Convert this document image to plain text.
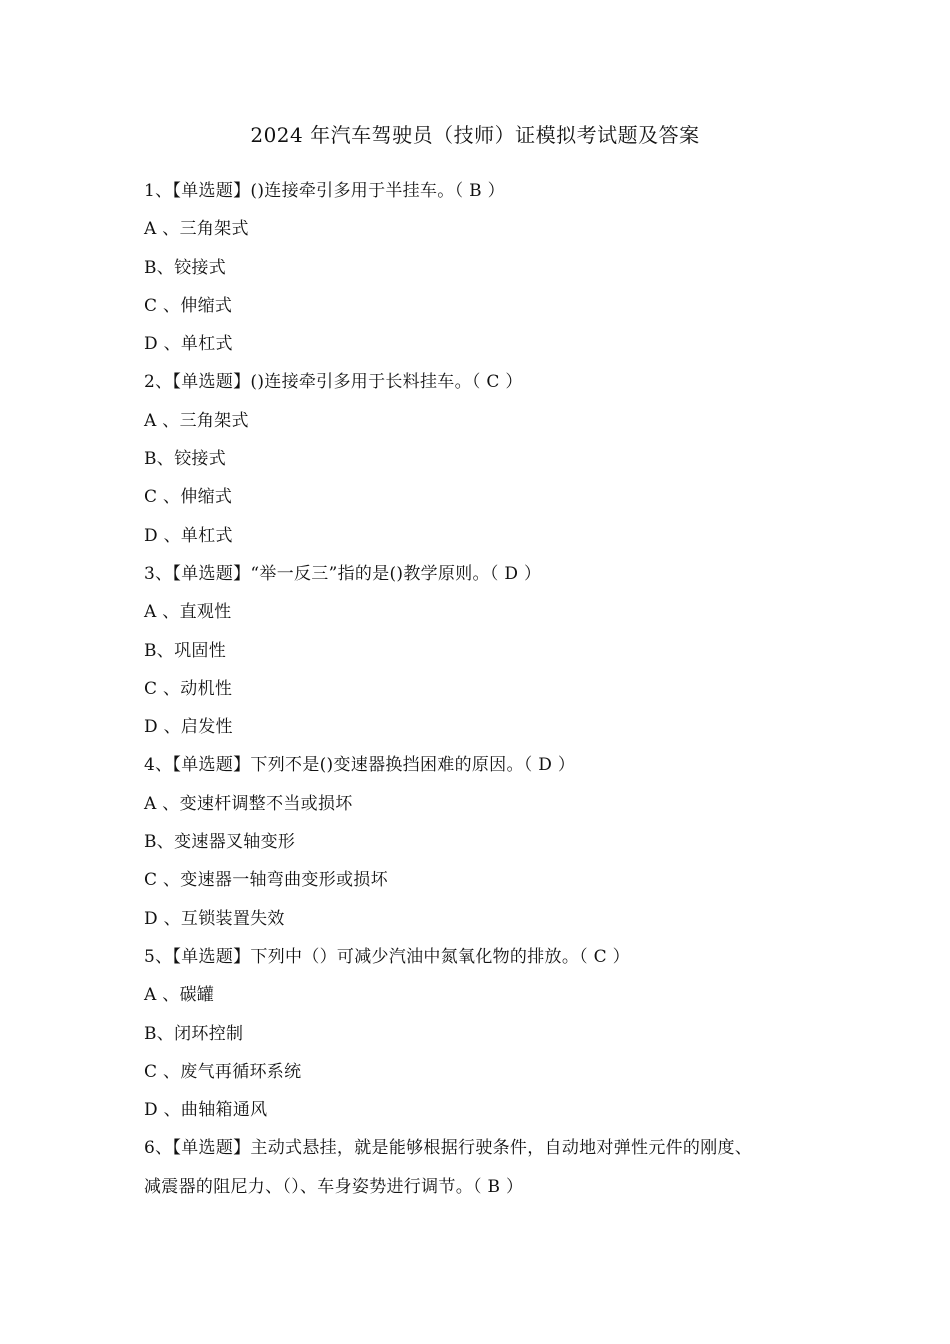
2024 年汽车驾驶员（技师）证模拟考试题及答案
1、【单选题】()连接牵引多用于半挂车。（ B ）
A 、三角架式
B、铰接式
C 、伸缩式
D 、单杠式
2、【单选题】()连接牵引多用于长料挂车。（ C ）
A 、三角架式
B、铰接式
C 、伸缩式
D 、单杠式
3、【单选题】“举一反三”指的是()教学原则。（ D ）
A 、直观性
B、巩固性
C 、动机性
D 、启发性
4、【单选题】下列不是()变速器换挡困难的原因。（ D ）
A 、变速杆调整不当或损坏
B、变速器叉轴变形
C 、变速器一轴弯曲变形或损坏
D 、互锁装置失效
5、【单选题】下列中（）可减少汽油中氮氧化物的排放。（ C ）
A 、碳罐
B、闭环控制
C 、废气再循环系统
D 、曲轴箱通风
6、【单选题】主动式悬挂，就是能够根据行驶条件，自动地对弹性元件的刚度、
减震器的阻尼力、（）、车身姿势进行调节。（ B ）
